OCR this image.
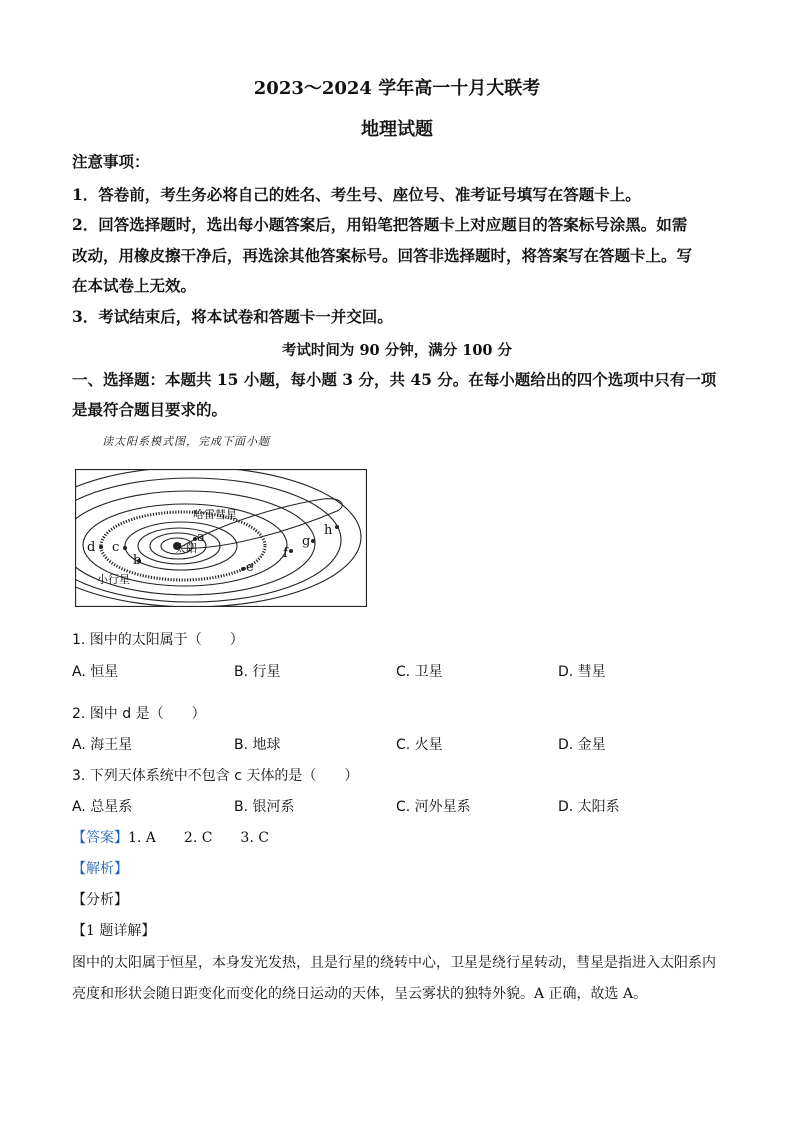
2023～2024 学年高一十月大联考
地理试题
注意事项：
1．答卷前，考生务必将自己的姓名、考生号、座位号、准考证号填写在答题卡上。
2．回答选择题时，选出每小题答案后，用铅笔把答题卡上对应题目的答案标号涂黑。如需
改动，用橡皮擦干净后，再选涂其他答案标号。回答非选择题时，将答案写在答题卡上。写
在本试卷上无效。
3．考试结束后，将本试卷和答题卡一并交回。
考试时间为 90 分钟，满分 100 分
一、选择题：本题共 15 小题，每小题 3 分，共 45 分。在每小题给出的四个选项中只有一项
是最符合题目要求的。
读太阳系模式图，完成下面小题
a
b
c
d
e
f
g
h
哈雷彗星
太阳
小行星
1. 图中的太阳属于（　　）
A. 恒星	B. 行星	C. 卫星	D. 彗星
2. 图中 d 是（　　）
A. 海王星	B. 地球	C. 火星	D. 金星
3. 下列天体系统中不包含 c 天体的是（　　）
A. 总星系	B. 银河系	C. 河外星系	D. 太阳系
【答案】1. A　　2. C　　3. C
【解析】
【分析】
【1 题详解】
图中的太阳属于恒星，本身发光发热，且是行星的绕转中心，卫星是绕行星转动，彗星是指进入太阳系内
亮度和形状会随日距变化而变化的绕日运动的天体，呈云雾状的独特外貌。A 正确，故选 A。
